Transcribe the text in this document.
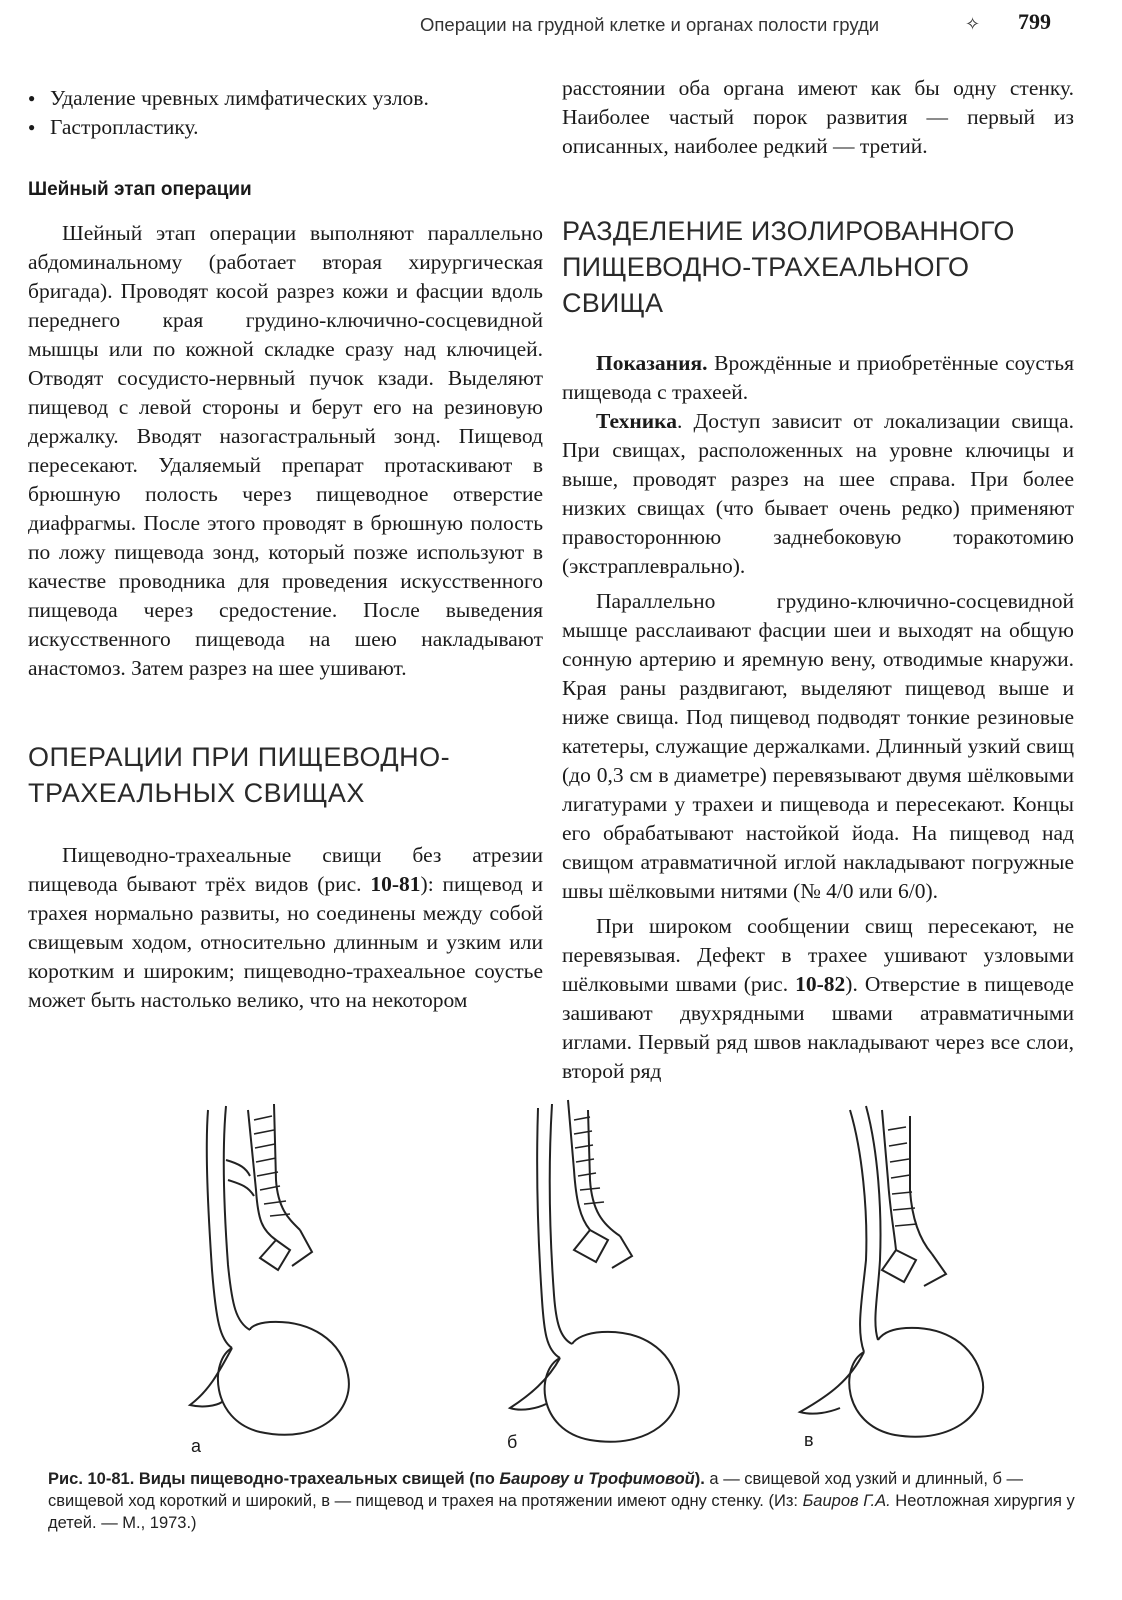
Операции на грудной клетке и органах полости груди	✧ 799

● Удаление чревных лимфатических узлов.

● Гастропластику.

Шейный этап операции

Шейный этап операции выполняют параллельно абдоминальному (работает вторая хирургическая бригада). Проводят косой разрез кожи и фасции вдоль переднего края грудино-ключично-сосцевидной мышцы или по кожной складке сразу над ключицей. Отводят сосудисто-нервный пучок кзади. Выделяют пищевод с левой стороны и берут его на резиновую держалку. Вводят назогастральный зонд. Пищевод пересекают. Удаляемый препарат протаскивают в брюшную полость через пищеводное отверстие диафрагмы. После этого проводят в брюшную полость по ложу пищевода зонд, который позже используют в качестве проводника для проведения искусственного пищевода через средостение. После выведения искусственного пищевода на шею накладывают анастомоз. Затем разрез на шее ушивают.

ОПЕРАЦИИ ПРИ ПИЩЕВОДНО-

ТРАХЕАЛЬНЫХ СВИЩАХ

Пищеводно-трахеальные свищи без атрезии пищевода бывают трёх видов (рис. 10-81): пищевод и трахея нормально развиты, но соединены между собой свищевым ходом, относительно длинным и узким или коротким и широким; пищеводно-трахеальное соустье может быть настолько велико, что на некотором

расстоянии оба органа имеют как бы одну стенку. Наиболее частый порок развития — первый из описанных, наиболее редкий — третий.

РАЗДЕЛЕНИЕ ИЗОЛИРОВАННОГО

ПИЩЕВОДНО-ТРАХЕАЛЬНОГО

СВИЩА

Показания. Врождённые и приобретённые соустья пищевода с трахеей.

Техника. Доступ зависит от локализации свища. При свищах, расположенных на уровне ключицы и выше, проводят разрез на шее справа. При более низких свищах (что бывает очень редко) применяют правостороннюю заднебоковую торакотомию (экстраплеврально).

Параллельно грудино-ключично-сосцевидной мышце расслаивают фасции шеи и выходят на общую сонную артерию и яремную вену, отводимые кнаружи. Края раны раздвигают, выделяют пищевод выше и ниже свища. Под пищевод подводят тонкие резиновые катетеры, служащие держалками. Длинный узкий свищ (до 0,3 см в диаметре) перевязывают двумя шёлковыми лигатурами у трахеи и пищевода и пересекают. Концы его обрабатывают настойкой йода. На пищевод над свищом атравматичной иглой накладывают погружные швы шёлковыми нитями (№ 4/0 или 6/0).

При широком сообщении свищ пересекают, не перевязывая. Дефект в трахее ушивают узловыми шёлковыми швами (рис. 10-82). Отверстие в пищеводе зашивают двухрядными швами атравматичными иглами. Первый ряд швов накладывают через все слои, второй ряд

а	б	в

Рис. 10-81. Виды пищеводно-трахеальных свищей (по Баирову и Трофимовой). а — свищевой ход узкий и длинный, б — свищевой ход короткий и широкий, в — пищевод и трахея на протяжении имеют одну стенку. (Из: Баиров Г.А. Неотложная хирургия у детей. — М., 1973.)
